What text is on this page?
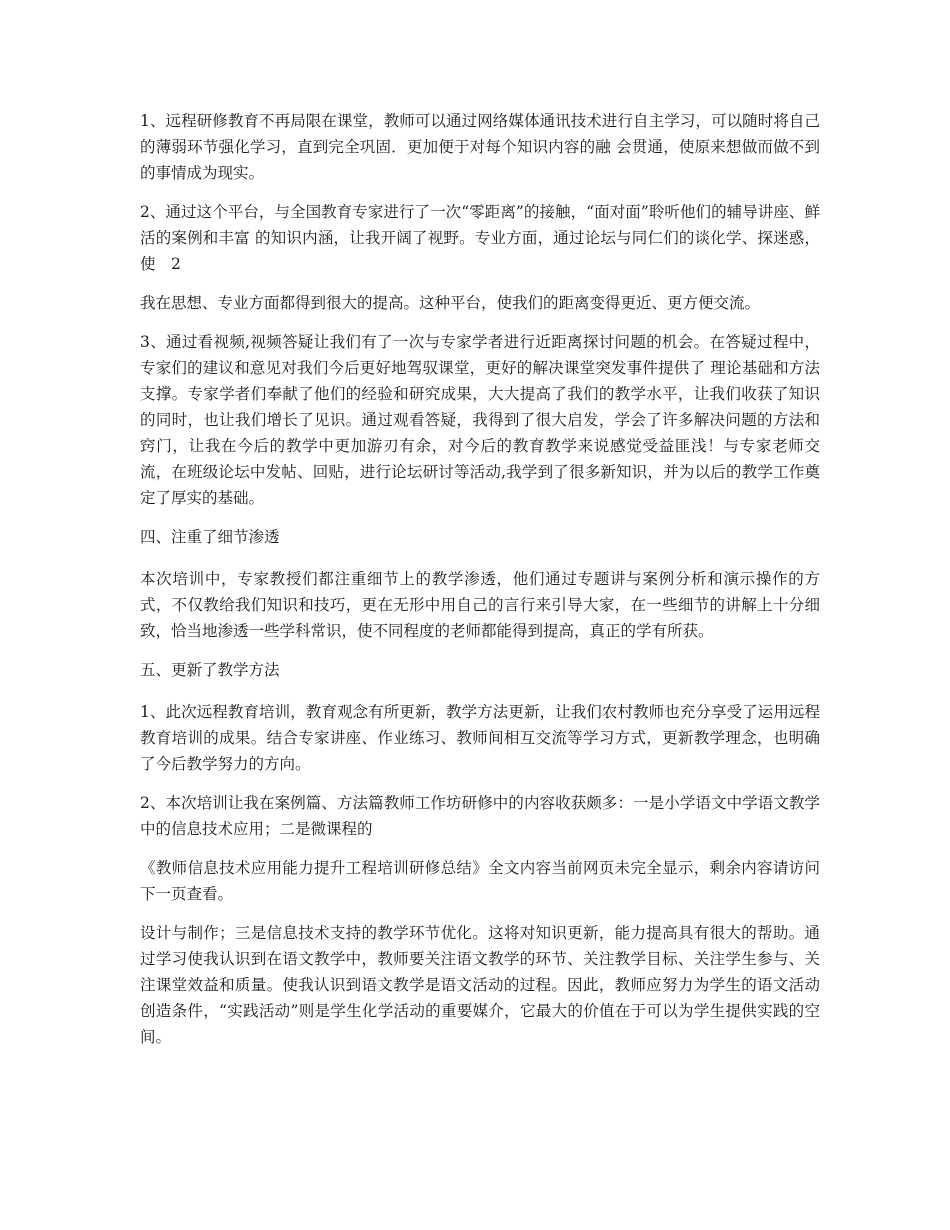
1、远程研修教育不再局限在课堂，教师可以通过网络媒体通讯技术进行自主学习，可以随时将自己的薄弱环节强化学习，直到完全巩固．更加便于对每个知识内容的融 会贯通，使原来想做而做不到的事情成为现实。

2、通过这个平台，与全国教育专家进行了一次“零距离”的接触，“面对面”聆听他们的辅导讲座、鲜活的案例和丰富 的知识内涵，让我开阔了视野。专业方面，通过论坛与同仁们的谈化学、探迷惑，使　2

我在思想、专业方面都得到很大的提高。这种平台，使我们的距离变得更近、更方便交流。

3、通过看视频,视频答疑让我们有了一次与专家学者进行近距离探讨问题的机会。在答疑过程中，专家们的建议和意见对我们今后更好地驾驭课堂，更好的解决课堂突发事件提供了 理论基础和方法支撑。专家学者们奉献了他们的经验和研究成果，大大提高了我们的教学水平，让我们收获了知识的同时，也让我们增长了见识。通过观看答疑，我得到了很大启发，学会了许多解决问题的方法和窍门，让我在今后的教学中更加游刃有余，对今后的教育教学来说感觉受益匪浅！与专家老师交流，在班级论坛中发帖、回贴，进行论坛研讨等活动,我学到了很多新知识，并为以后的教学工作奠定了厚实的基础。

四、注重了细节渗透

本次培训中，专家教授们都注重细节上的教学渗透，他们通过专题讲与案例分析和演示操作的方式，不仅教给我们知识和技巧，更在无形中用自己的言行来引导大家，在一些细节的讲解上十分细致，恰当地渗透一些学科常识，使不同程度的老师都能得到提高，真正的学有所获。

五、更新了教学方法

1、此次远程教育培训，教育观念有所更新，教学方法更新，让我们农村教师也充分享受了运用远程教育培训的成果。结合专家讲座、作业练习、教师间相互交流等学习方式，更新教学理念，也明确了今后教学努力的方向。

2、本次培训让我在案例篇、方法篇教师工作坊研修中的内容收获颇多：一是小学语文中学语文教学中的信息技术应用；二是微课程的

《教师信息技术应用能力提升工程培训研修总结》全文内容当前网页未完全显示，剩余内容请访问下一页查看。

设计与制作；三是信息技术支持的教学环节优化。这将对知识更新，能力提高具有很大的帮助。通过学习使我认识到在语文教学中，教师要关注语文教学的环节、关注教学目标、关注学生参与、关注课堂效益和质量。使我认识到语文教学是语文活动的过程。因此，教师应努力为学生的语文活动创造条件，“实践活动”则是学生化学活动的重要媒介，它最大的价值在于可以为学生提供实践的空间。
